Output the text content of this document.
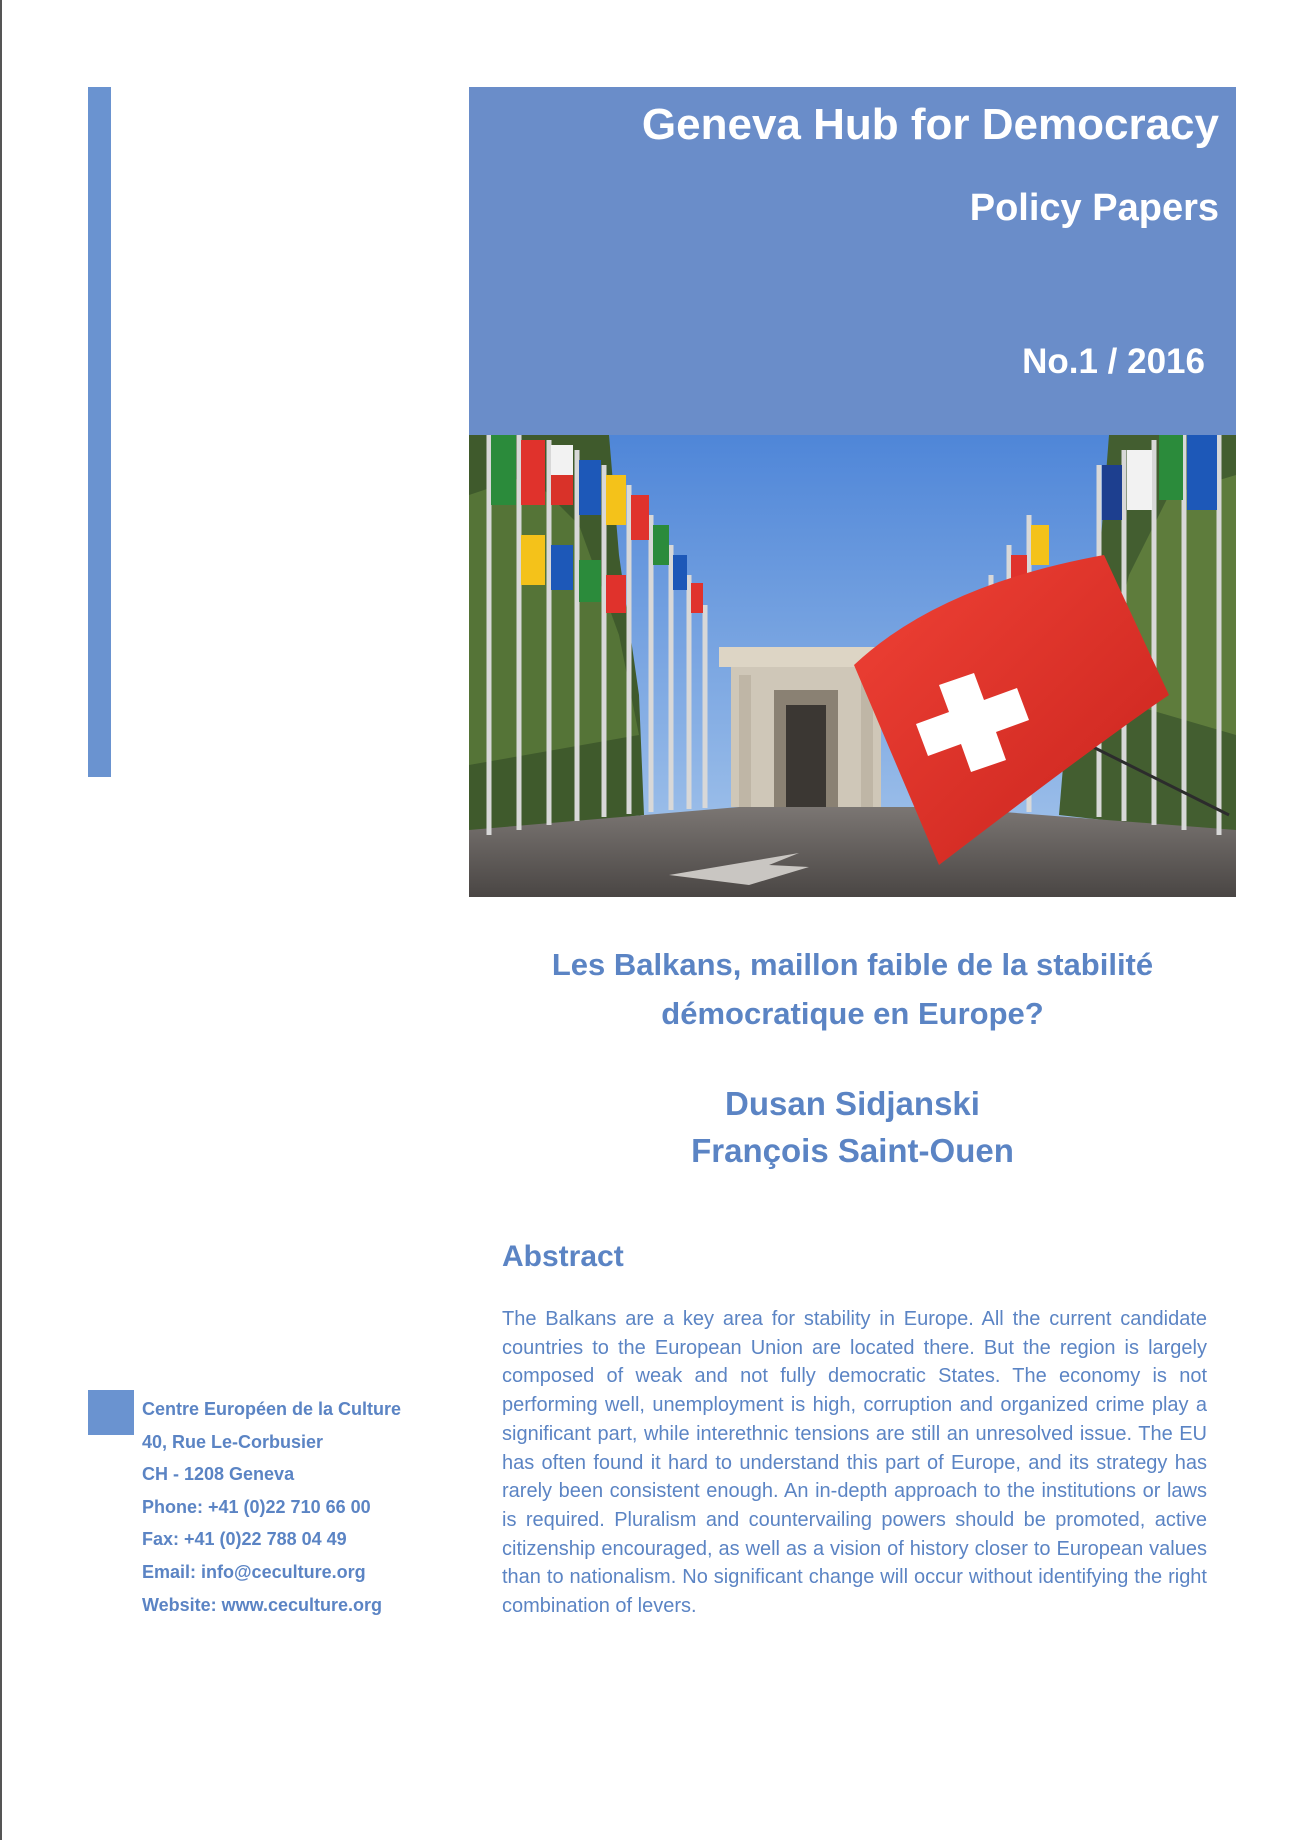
Geneva Hub for Democracy
Policy Papers
No.1 / 2016
Les Balkans, maillon faible de la stabilité démocratique en Europe?
Dusan Sidjanski
François Saint-Ouen
Abstract

The Balkans are a key area for stability in Europe. All the current candidate countries to the European Union are located there. But the region is largely composed of weak and not fully democratic States. The economy is not performing well, unemployment is high, corruption and organized crime play a significant part, while interethnic tensions are still an unresolved issue. The EU has often found it hard to understand this part of Europe, and its strategy has rarely been consistent enough. An in-depth approach to the institutions or laws is required. Pluralism and countervailing powers should be promoted, active citizenship encouraged, as well as a vision of history closer to European values than to nationalism. No significant change will occur without identifying the right combination of levers.

Centre Européen de la Culture
40, Rue Le-Corbusier
CH - 1208 Geneva
Phone: +41 (0)22 710 66 00
Fax: +41 (0)22 788 04 49
Email: info@ceculture.org
Website: www.ceculture.org
